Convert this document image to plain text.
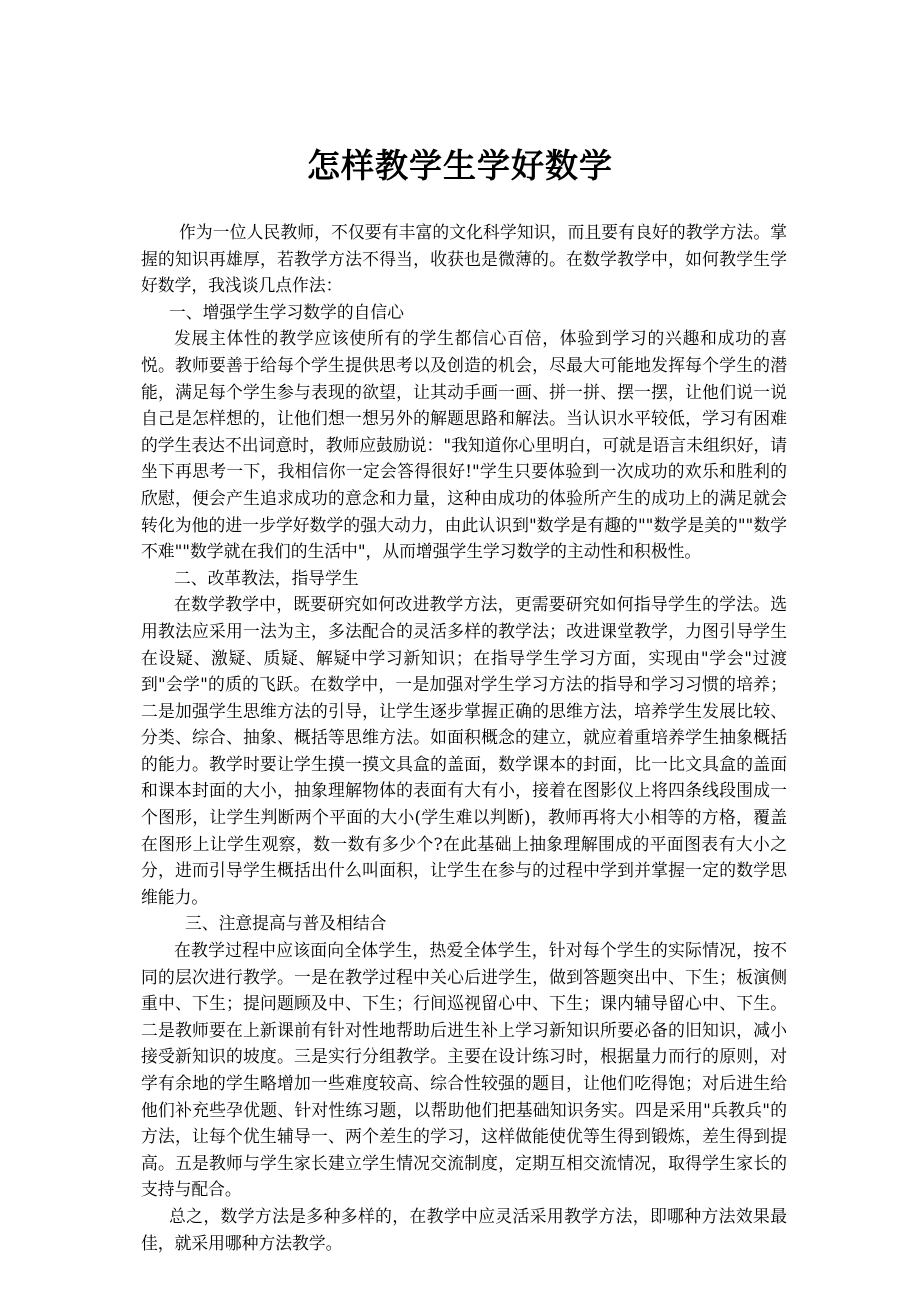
怎样教学生学好数学

作为一位人民教师，不仅要有丰富的文化科学知识，而且要有良好的教学方法。掌握的知识再雄厚，若教学方法不得当，收获也是微薄的。在数学教学中，如何教学生学好数学，我浅谈几点作法：

一、增强学生学习数学的自信心

发展主体性的教学应该使所有的学生都信心百倍，体验到学习的兴趣和成功的喜悦。教师要善于给每个学生提供思考以及创造的机会，尽最大可能地发挥每个学生的潜能，满足每个学生参与表现的欲望，让其动手画一画、拼一拼、摆一摆，让他们说一说自己是怎样想的，让他们想一想另外的解题思路和解法。当认识水平较低，学习有困难的学生表达不出词意时，教师应鼓励说："我知道你心里明白，可就是语言未组织好，请坐下再思考一下，我相信你一定会答得很好!"学生只要体验到一次成功的欢乐和胜利的欣慰，便会产生追求成功的意念和力量，这种由成功的体验所产生的成功上的满足就会转化为他的进一步学好数学的强大动力，由此认识到"数学是有趣的""数学是美的""数学不难""数学就在我们的生活中"，从而增强学生学习数学的主动性和积极性。

二、改革教法，指导学生

在数学教学中，既要研究如何改进教学方法，更需要研究如何指导学生的学法。选用教法应采用一法为主，多法配合的灵活多样的教学法；改进课堂教学，力图引导学生在设疑、激疑、质疑、解疑中学习新知识；在指导学生学习方面，实现由"学会"过渡到"会学"的质的飞跃。在数学中，一是加强对学生学习方法的指导和学习习惯的培养；二是加强学生思维方法的引导，让学生逐步掌握正确的思维方法，培养学生发展比较、分类、综合、抽象、概括等思维方法。如面积概念的建立，就应着重培养学生抽象概括的能力。教学时要让学生摸一摸文具盒的盖面，数学课本的封面，比一比文具盒的盖面和课本封面的大小，抽象理解物体的表面有大有小，接着在图影仪上将四条线段围成一个图形，让学生判断两个平面的大小(学生难以判断)，教师再将大小相等的方格，覆盖在图形上让学生观察，数一数有多少个?在此基础上抽象理解围成的平面图表有大小之分，进而引导学生概括出什么叫面积，让学生在参与的过程中学到并掌握一定的数学思维能力。

三、注意提高与普及相结合

在教学过程中应该面向全体学生，热爱全体学生，针对每个学生的实际情况，按不同的层次进行教学。一是在教学过程中关心后进学生，做到答题突出中、下生；板演侧重中、下生；提问题顾及中、下生；行间巡视留心中、下生；课内辅导留心中、下生。二是教师要在上新课前有针对性地帮助后进生补上学习新知识所要必备的旧知识，减小接受新知识的坡度。三是实行分组教学。主要在设计练习时，根据量力而行的原则，对学有余地的学生略增加一些难度较高、综合性较强的题目，让他们吃得饱；对后进生给他们补充些孕优题、针对性练习题，以帮助他们把基础知识务实。四是采用"兵教兵"的方法，让每个优生辅导一、两个差生的学习，这样做能使优等生得到锻炼，差生得到提高。五是教师与学生家长建立学生情况交流制度，定期互相交流情况，取得学生家长的支持与配合。

总之，数学方法是多种多样的，在教学中应灵活采用教学方法，即哪种方法效果最佳，就采用哪种方法教学。
